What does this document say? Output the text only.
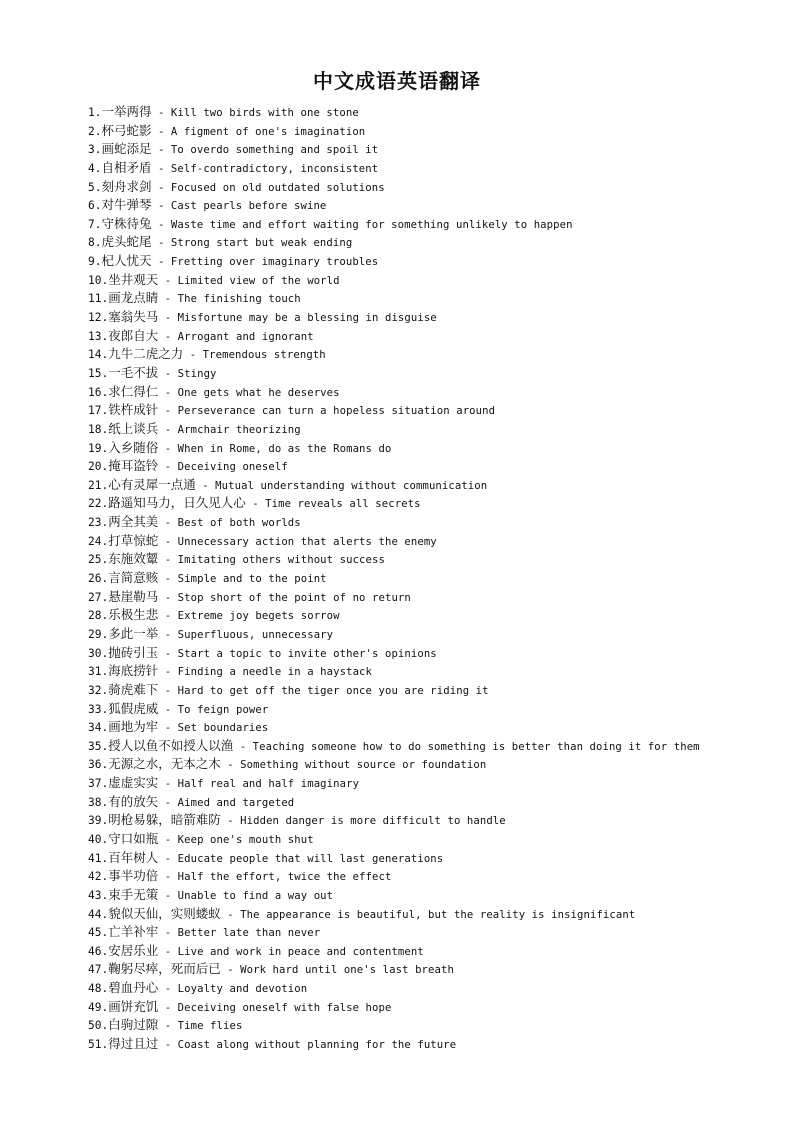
中文成语英语翻译
1.一举两得 - Kill two birds with one stone
2.杯弓蛇影 - A figment of one's imagination
3.画蛇添足 - To overdo something and spoil it
4.自相矛盾 - Self-contradictory, inconsistent
5.刻舟求剑 - Focused on old outdated solutions
6.对牛弹琴 - Cast pearls before swine
7.守株待兔 - Waste time and effort waiting for something unlikely to happen
8.虎头蛇尾 - Strong start but weak ending
9.杞人忧天 - Fretting over imaginary troubles
10.坐井观天 - Limited view of the world
11.画龙点睛 - The finishing touch
12.塞翁失马 - Misfortune may be a blessing in disguise
13.夜郎自大 - Arrogant and ignorant
14.九牛二虎之力 - Tremendous strength
15.一毛不拔 - Stingy
16.求仁得仁 - One gets what he deserves
17.铁杵成针 - Perseverance can turn a hopeless situation around
18.纸上谈兵 - Armchair theorizing
19.入乡随俗 - When in Rome, do as the Romans do
20.掩耳盗铃 - Deceiving oneself
21.心有灵犀一点通 - Mutual understanding without communication
22.路遥知马力，日久见人心 - Time reveals all secrets
23.两全其美 - Best of both worlds
24.打草惊蛇 - Unnecessary action that alerts the enemy
25.东施效颦 - Imitating others without success
26.言简意赅 - Simple and to the point
27.悬崖勒马 - Stop short of the point of no return
28.乐极生悲 - Extreme joy begets sorrow
29.多此一举 - Superfluous, unnecessary
30.抛砖引玉 - Start a topic to invite other's opinions
31.海底捞针 - Finding a needle in a haystack
32.骑虎难下 - Hard to get off the tiger once you are riding it
33.狐假虎威 - To feign power
34.画地为牢 - Set boundaries
35.授人以鱼不如授人以渔 - Teaching someone how to do something is better than doing it for them
36.无源之水，无本之木 - Something without source or foundation
37.虚虚实实 - Half real and half imaginary
38.有的放矢 - Aimed and targeted
39.明枪易躲，暗箭难防 - Hidden danger is more difficult to handle
40.守口如瓶 - Keep one's mouth shut
41.百年树人 - Educate people that will last generations
42.事半功倍 - Half the effort, twice the effect
43.束手无策 - Unable to find a way out
44.貌似天仙，实则蝼蚁 - The appearance is beautiful, but the reality is insignificant
45.亡羊补牢 - Better late than never
46.安居乐业 - Live and work in peace and contentment
47.鞠躬尽瘁，死而后已 - Work hard until one's last breath
48.碧血丹心 - Loyalty and devotion
49.画饼充饥 - Deceiving oneself with false hope
50.白驹过隙 - Time flies
51.得过且过 - Coast along without planning for the future
